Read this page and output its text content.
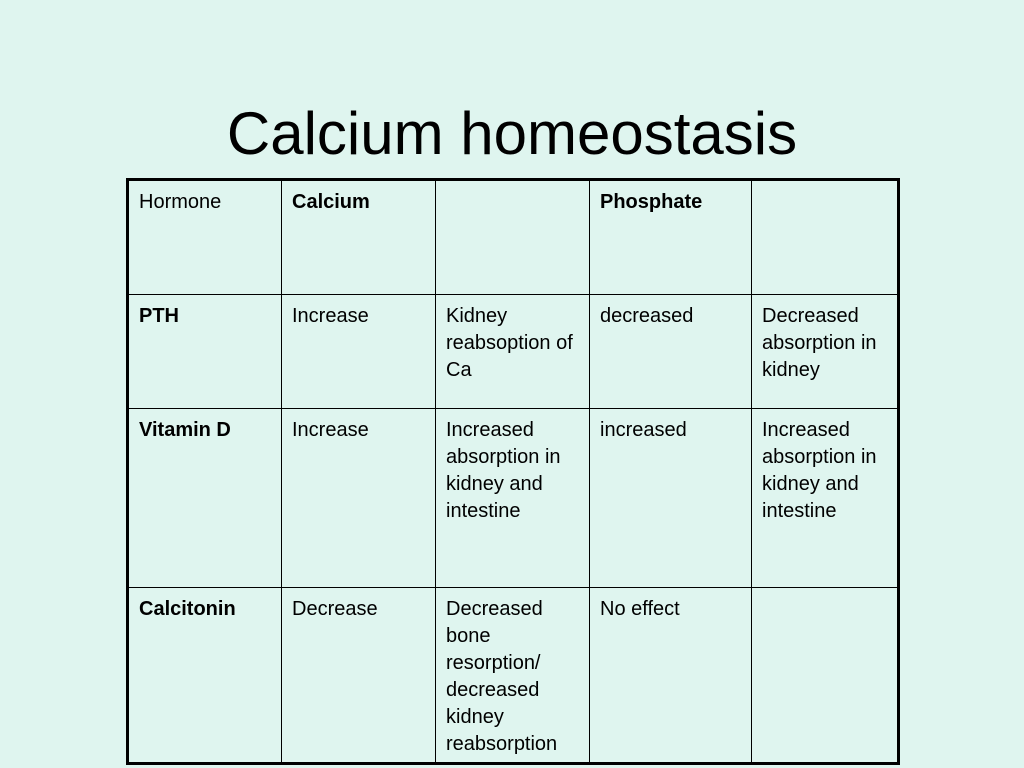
Calcium homeostasis
Hormone	Calcium		Phosphate	
PTH	Increase	Kidney reabsoption of Ca	decreased	Decreased absorption in kidney
Vitamin D	Increase	Increased absorption in kidney and intestine	increased	Increased absorption in kidney and intestine
Calcitonin	Decrease	Decreased bone resorption/ decreased kidney reabsorption	No effect	
